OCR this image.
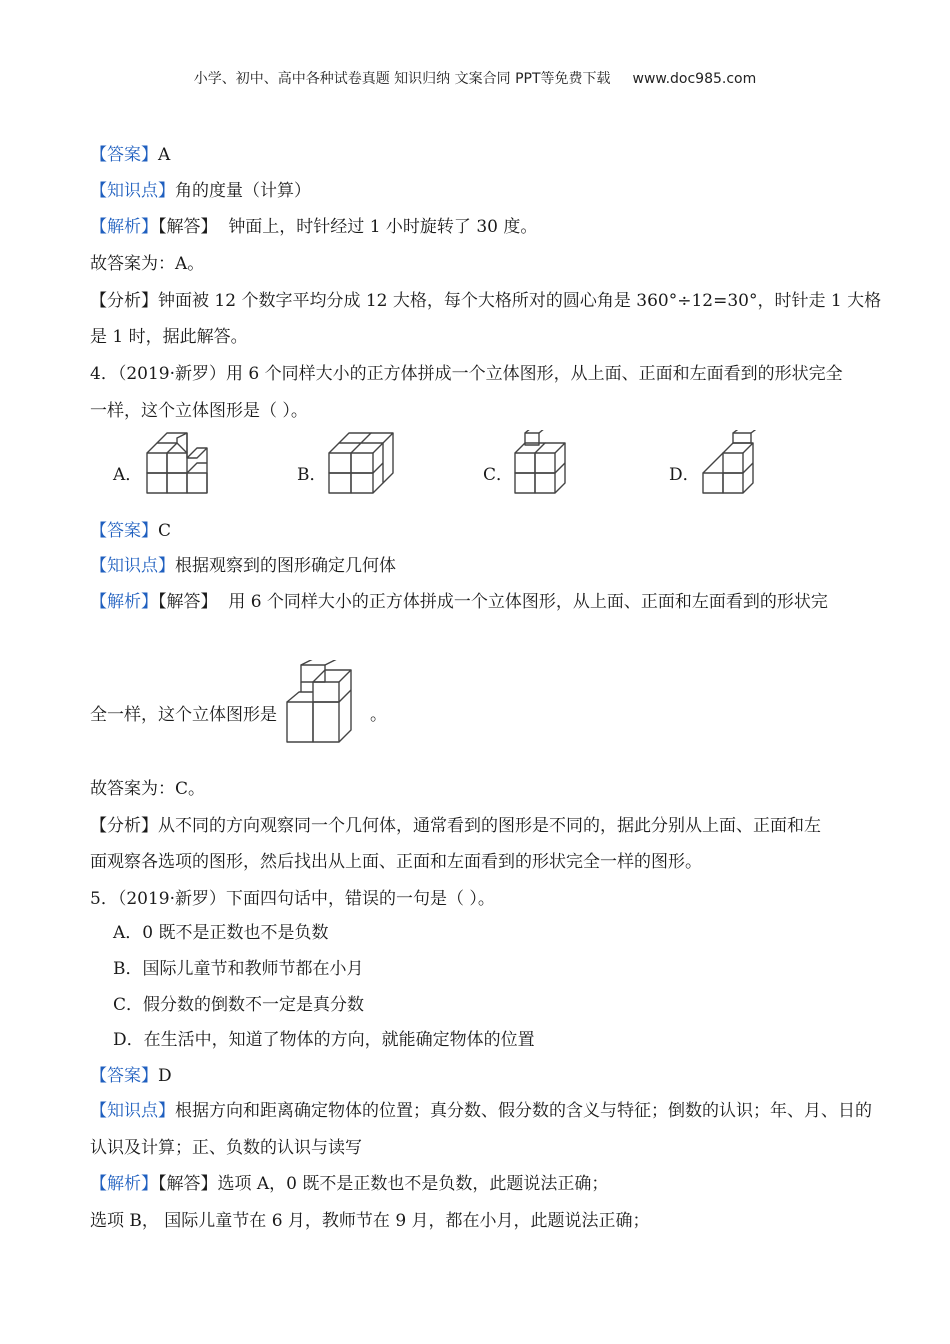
小学、初中、高中各种试卷真题 知识归纳 文案合同 PPT等免费下载 www.doc985.com
【答案】A
【知识点】角的度量（计算）
【解析】【解答】 钟面上，时针经过 1 小时旋转了 30 度。
故答案为：A。
【分析】钟面被 12 个数字平均分成 12 大格，每个大格所对的圆心角是 360°÷12=30°，时针走 1 大格
是 1 时，据此解答。
4．（2019·新罗）用 6 个同样大小的正方体拼成一个立体图形，从上面、正面和左面看到的形状完全
一样，这个立体图形是（ ）。
A．	B．	C．	D．
【答案】C
【知识点】根据观察到的图形确定几何体
【解析】【解答】 用 6 个同样大小的正方体拼成一个立体图形，从上面、正面和左面看到的形状完
全一样，这个立体图形是	。
故答案为：C。
【分析】从不同的方向观察同一个几何体，通常看到的图形是不同的，据此分别从上面、正面和左
面观察各选项的图形，然后找出从上面、正面和左面看到的形状完全一样的图形。
5．（2019·新罗）下面四句话中，错误的一句是（ ）。
A．0 既不是正数也不是负数
B．国际儿童节和教师节都在小月
C．假分数的倒数不一定是真分数
D．在生活中，知道了物体的方向，就能确定物体的位置
【答案】D
【知识点】根据方向和距离确定物体的位置；真分数、假分数的含义与特征；倒数的认识；年、月、日的
认识及计算；正、负数的认识与读写
【解析】【解答】选项 A，0 既不是正数也不是负数，此题说法正确；
选项 B， 国际儿童节在 6 月，教师节在 9 月，都在小月，此题说法正确；
